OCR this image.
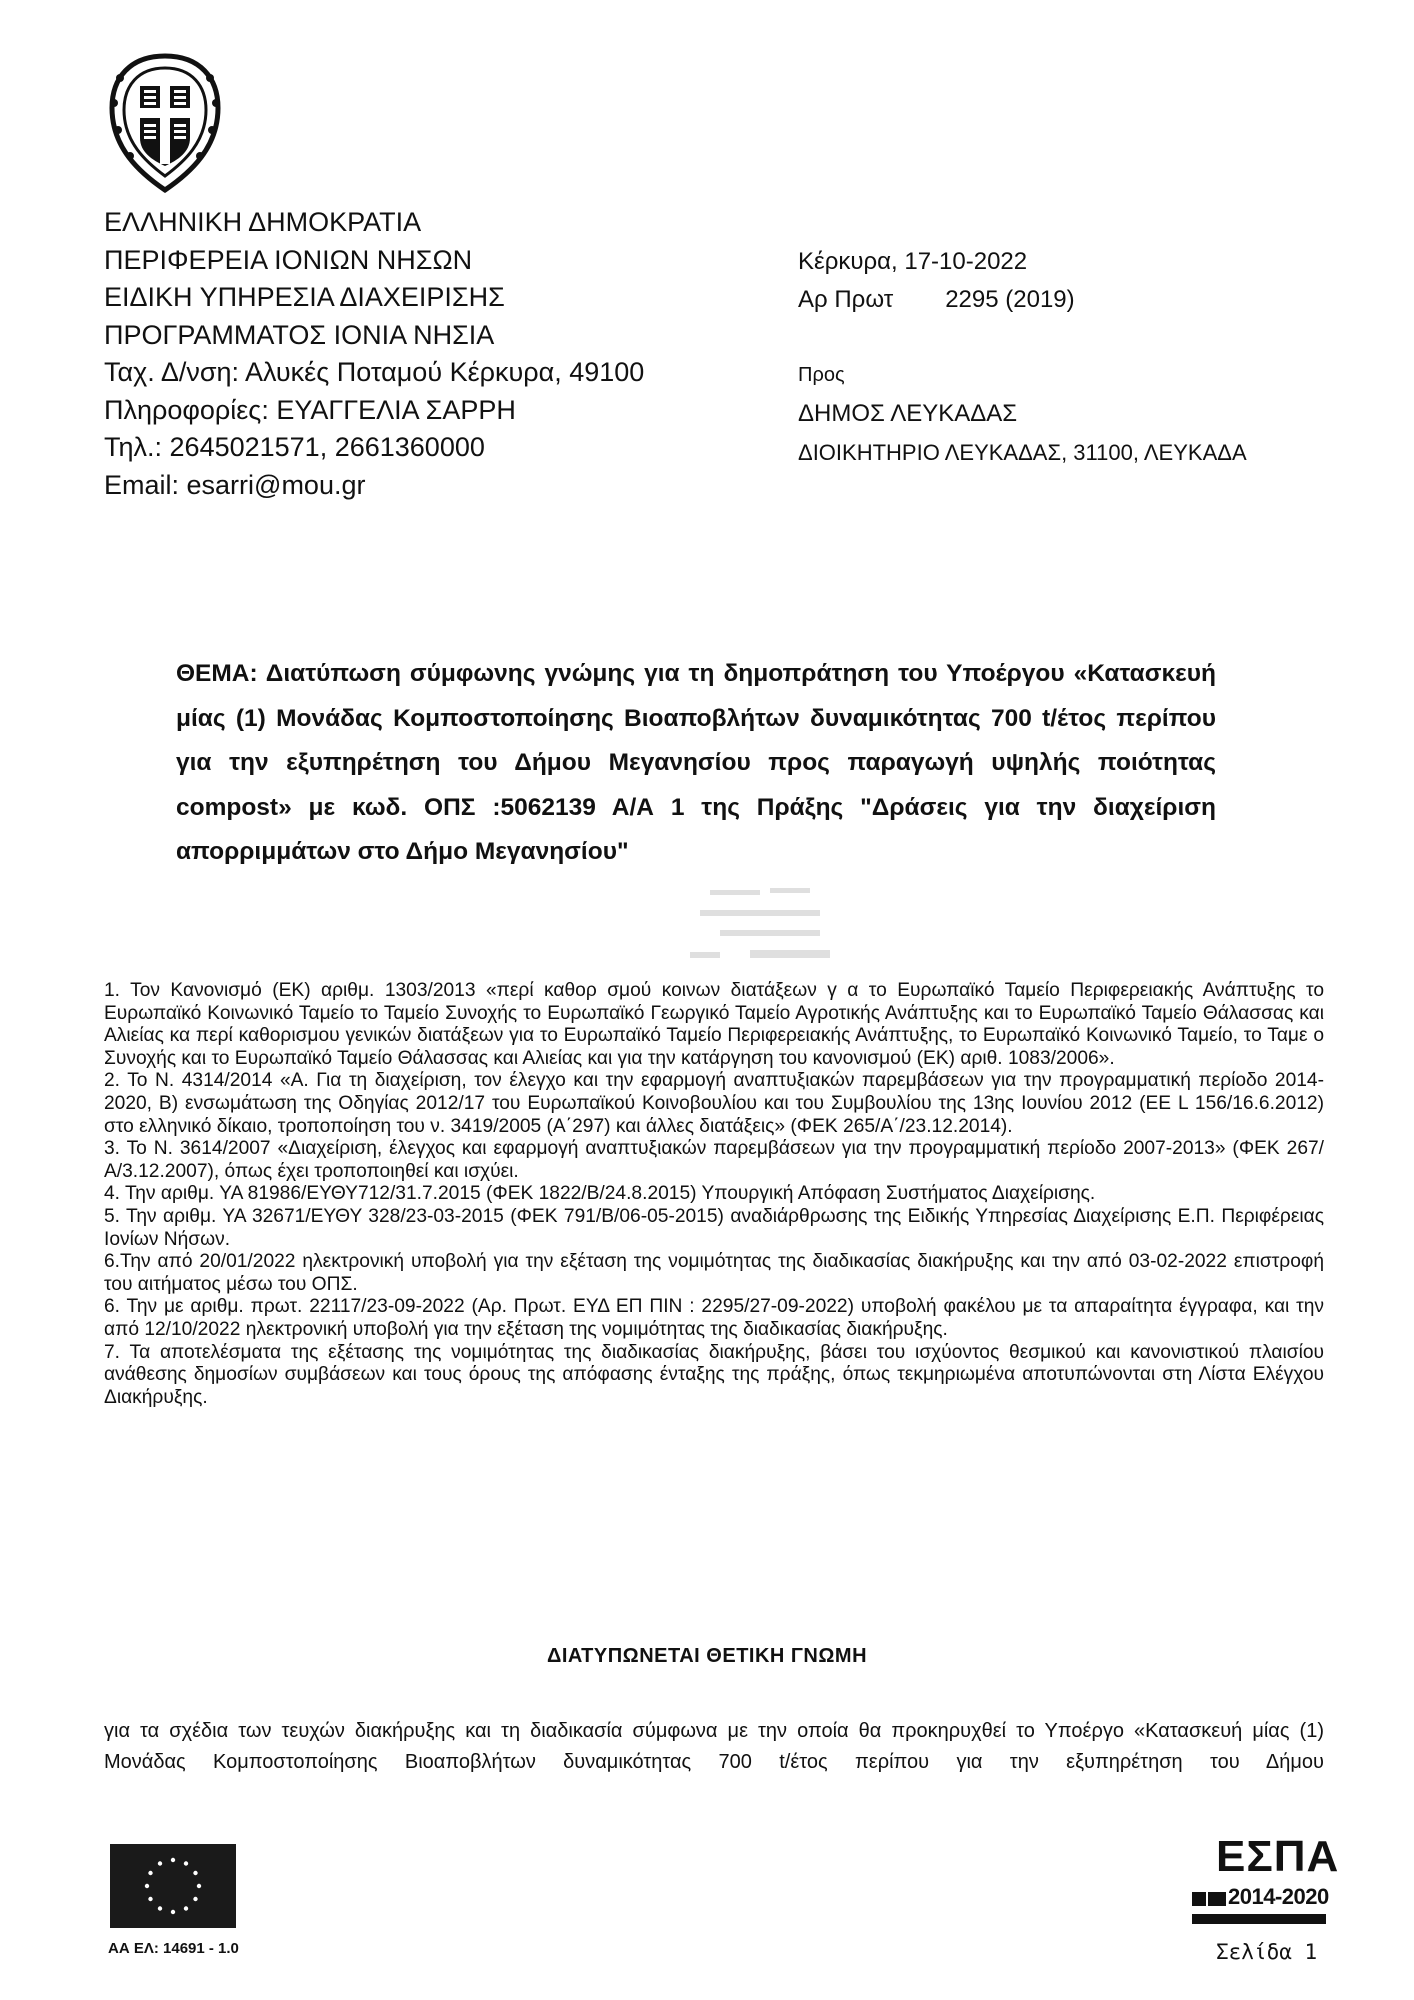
ΕΛΛΗΝΙΚΗ ΔΗΜΟΚΡΑΤΙΑ
ΠΕΡΙΦΕΡΕΙΑ ΙΟΝΙΩΝ ΝΗΣΩΝ
ΕΙΔΙΚΗ ΥΠΗΡΕΣΙΑ ΔΙΑΧΕΙΡΙΣΗΣ
ΠΡΟΓΡΑΜΜΑΤΟΣ ΙΟΝΙΑ ΝΗΣΙΑ
Ταχ. Δ/νση: Αλυκές Ποταμού Κέρκυρα, 49100
Πληροφορίες: ΕΥΑΓΓΕΛΙΑ ΣΑΡΡΗ
Τηλ.: 2645021571, 2661360000
Email: esarri@mou.gr
Κέρκυρα, 17-10-2022
Αρ Πρωτ 2295 (2019)
Προς
ΔΗΜΟΣ ΛΕΥΚΑΔΑΣ
ΔΙΟΙΚΗΤΗΡΙΟ ΛΕΥΚΑΔΑΣ, 31100, ΛΕΥΚΑΔΑ
ΘΕΜΑ: Διατύπωση σύμφωνης γνώμης για τη δημοπράτηση του Υποέργου «Κατασκευή μίας (1) Μονάδας Κομποστοποίησης Βιοαποβλήτων δυναμικότητας 700 t/έτος περίπου για την εξυπηρέτηση του Δήμου Μεγανησίου προς παραγωγή υψηλής ποιότητας compost» με κωδ. ΟΠΣ :5062139 Α/Α 1 της Πράξης "Δράσεις για την διαχείριση απορριμμάτων στο Δήμο Μεγανησίου"

1. Τον Κανονισμό (ΕΚ) αριθμ. 1303/2013 «περί καθορ σμού κοινων διατάξεων γ α το Ευρωπαϊκό Ταμείο Περιφερειακής Ανάπτυξης το Ευρωπαϊκό Κοινωνικό Ταμείο το Ταμείο Συνοχής το Ευρωπαϊκό Γεωργικό Ταμείο Αγροτικής Ανάπτυξης και το Ευρωπαϊκό Ταμείο Θάλασσας και Αλιείας κα περί καθορισμου γενικών διατάξεων για το Ευρωπαϊκό Ταμείο Περιφερειακής Ανάπτυξης, το Ευρωπαϊκό Κοινωνικό Ταμείο, το Ταμε ο Συνοχής και το Ευρωπαϊκό Ταμείο Θάλασσας και Αλιείας και για την κατάργηση του κανονισμού (ΕΚ) αριθ. 1083/2006».

2. Το Ν. 4314/2014 «Α. Για τη διαχείριση, τον έλεγχο και την εφαρμογή αναπτυξιακών παρεμβάσεων για την προγραμματική περίοδο 2014-2020, Β) ενσωμάτωση της Οδηγίας 2012/17 του Ευρωπαϊκού Κοινοβουλίου και του Συμβουλίου της 13ης Ιουνίου 2012 (ΕΕ L 156/16.6.2012) στο ελληνικό δίκαιο, τροποποίηση του ν. 3419/2005 (Α΄297) και άλλες διατάξεις» (ΦΕΚ 265/Α΄/23.12.2014).

3. Το Ν. 3614/2007 «Διαχείριση, έλεγχος και εφαρμογή αναπτυξιακών παρεμβάσεων για την προγραμματική περίοδο 2007-2013» (ΦΕΚ 267/Α/3.12.2007), όπως έχει τροποποιηθεί και ισχύει.

4. Την αριθμ. ΥΑ 81986/ΕΥΘΥ712/31.7.2015 (ΦΕΚ 1822/Β/24.8.2015) Υπουργική Απόφαση Συστήματος Διαχείρισης.

5. Την αριθμ. ΥΑ 32671/ΕΥΘΥ 328/23-03-2015 (ΦΕΚ 791/Β/06-05-2015) αναδιάρθρωσης της Ειδικής Υπηρεσίας Διαχείρισης Ε.Π. Περιφέρειας Ιονίων Νήσων.

6.Την από 20/01/2022 ηλεκτρονική υποβολή για την εξέταση της νομιμότητας της διαδικασίας διακήρυξης και την από 03-02-2022 επιστροφή του αιτήματος μέσω του ΟΠΣ.

6. Την με αριθμ. πρωτ. 22117/23-09-2022 (Αρ. Πρωτ. ΕΥΔ ΕΠ ΠΙΝ : 2295/27-09-2022) υποβολή φακέλου με τα απαραίτητα έγγραφα, και την από 12/10/2022 ηλεκτρονική υποβολή για την εξέταση της νομιμότητας της διαδικασίας διακήρυξης.

7. Τα αποτελέσματα της εξέτασης της νομιμότητας της διαδικασίας διακήρυξης, βάσει του ισχύοντος θεσμικού και κανονιστικού πλαισίου ανάθεσης δημοσίων συμβάσεων και τους όρους της απόφασης ένταξης της πράξης, όπως τεκμηριωμένα αποτυπώνονται στη Λίστα Ελέγχου Διακήρυξης.

ΔΙΑΤΥΠΩΝΕΤΑΙ ΘΕΤΙΚΗ ΓΝΩΜΗ
για τα σχέδια των τευχών διακήρυξης και τη διαδικασία σύμφωνα με την οποία θα προκηρυχθεί το Υποέργο «Κατασκευή μίας (1) Μονάδας Κομποστοποίησης Βιοαποβλήτων δυναμικότητας 700 t/έτος περίπου για την εξυπηρέτηση του Δήμου
ΑΑ ΕΛ: 14691 - 1.0
ΕΣΠΑ
2014-2020
Σελίδα 1
